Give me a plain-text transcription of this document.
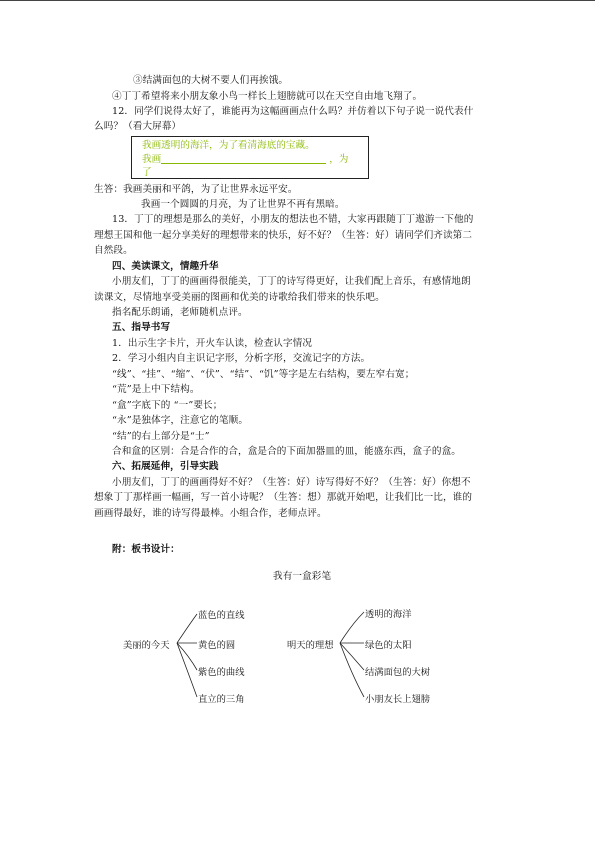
③结满面包的大树不要人们再挨饿。
④丁丁希望将来小朋友象小鸟一样长上翅膀就可以在天空自由地飞翔了。
12．同学们说得太好了，谁能再为这幅画画点什么吗？并仿着以下句子说一说代表什
么吗？（看大屏幕）
我画透明的海洋，为了看清海底的宝藏。
我画	，为
了
生答：我画美丽和平鸽，为了让世界永远平安。
我画一个圆圆的月亮，为了让世界不再有黑暗。
13．丁丁的理想是那么的美好，小朋友的想法也不错，大家再跟随丁丁遨游一下他的
理想王国和他一起分享美好的理想带来的快乐，好不好？（生答：好）请同学们齐读第二
自然段。
四、美读课文，情趣升华
小朋友们，丁丁的画画得很能美，丁丁的诗写得更好，让我们配上音乐，有感情地朗
读课文，尽情地享受美丽的图画和优美的诗歌给我们带来的快乐吧。
指名配乐朗诵，老师随机点评。
五、指导书写
1．出示生字卡片，开火车认读，检查认字情况
2．学习小组内自主识记字形，分析字形，交流记字的方法。
“线”、“挂”、“缩”、“伏”、“结”、“饥”等字是左右结构，要左窄右宽；
“荒”是上中下结构。
“盒”字底下的 “一”要长；
“永”是独体字，注意它的笔顺。
“结”的右上部分是“士”
合和盒的区别：合是合作的合，盒是合的下面加器皿的皿，能盛东西，盒子的盒。
六、拓展延伸，引导实践
小朋友们，丁丁的画画得好不好？（生答：好）诗写得好不好？（生答：好）你想不
想象丁丁那样画一幅画，写一首小诗呢？（生答：想）那就开始吧，让我们比一比，谁的
画画得最好，谁的诗写得最棒。小组合作，老师点评。
附：板书设计：
我有一盒彩笔
美丽的今天
蓝色的直线
黄色的圆
紫色的曲线
直立的三角
明天的理想
透明的海洋
绿色的太阳
结满面包的大树
小朋友长上翅膀
